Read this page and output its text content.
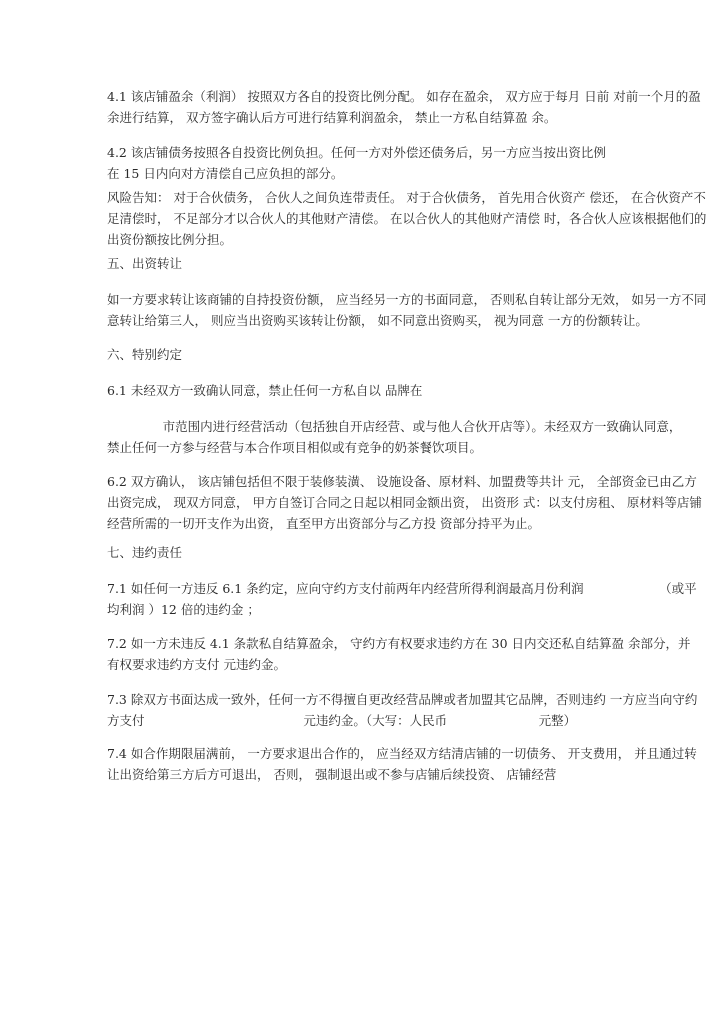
4.1 该店铺盈余（利润） 按照双方各自的投资比例分配。 如存在盈余， 双方应于每月 日前 对前一个月的盈
余进行结算， 双方签字确认后方可进行结算利润盈余， 禁止一方私自结算盈 余。
4.2 该店铺债务按照各自投资比例负担。任何一方对外偿还债务后，另一方应当按出资比例
在 15 日内向对方清偿自己应负担的部分。
风险告知： 对于合伙债务， 合伙人之间负连带责任。 对于合伙债务， 首先用合伙资产 偿还， 在合伙资产不
足清偿时， 不足部分才以合伙人的其他财产清偿。 在以合伙人的其他财产清偿 时，各合伙人应该根据他们的
出资份额按比例分担。
五、出资转让
如一方要求转让该商铺的自持投资份额， 应当经另一方的书面同意， 否则私自转让部分无效， 如另一方不同
意转让给第三人， 则应当出资购买该转让份额， 如不同意出资购买， 视为同意 一方的份额转让。
六、特别约定
6.1 未经双方一致确认同意，禁止任何一方私自以 品牌在
市范围内进行经营活动（包括独自开店经营、或与他人合伙开店等）。未经双方一致确认同意，
禁止任何一方参与经营与本合作项目相似或有竞争的奶茶餐饮项目。
6.2 双方确认， 该店铺包括但不限于装修装潢、 设施设备、原材料、加盟费等共计 元， 全部资金已由乙方
出资完成， 现双方同意， 甲方自签订合同之日起以相同金额出资， 出资形 式：以支付房租、 原材料等店铺
经营所需的一切开支作为出资， 直至甲方出资部分与乙方投 资部分持平为止。
七、违约责任
7.1 如任何一方违反 6.1 条约定，应向守约方支付前两年内经营所得利润最高月份利润                   （或平
均利润 ）12 倍的违约金 ；
7.2 如一方未违反 4.1 条款私自结算盈余， 守约方有权要求违约方在 30 日内交还私自结算盈 余部分，并
有权要求违约方支付 元违约金。
7.3 除双方书面达成一致外，任何一方不得擅自更改经营品牌或者加盟其它品牌，否则违约 一方应当向守约
方支付                                        元违约金。（大写：人民币                       元整）
7.4 如合作期限届满前， 一方要求退出合作的， 应当经双方结清店铺的一切债务、 开支费用， 并且通过转
让出资给第三方后方可退出， 否则， 强制退出或不参与店铺后续投资、 店铺经营
